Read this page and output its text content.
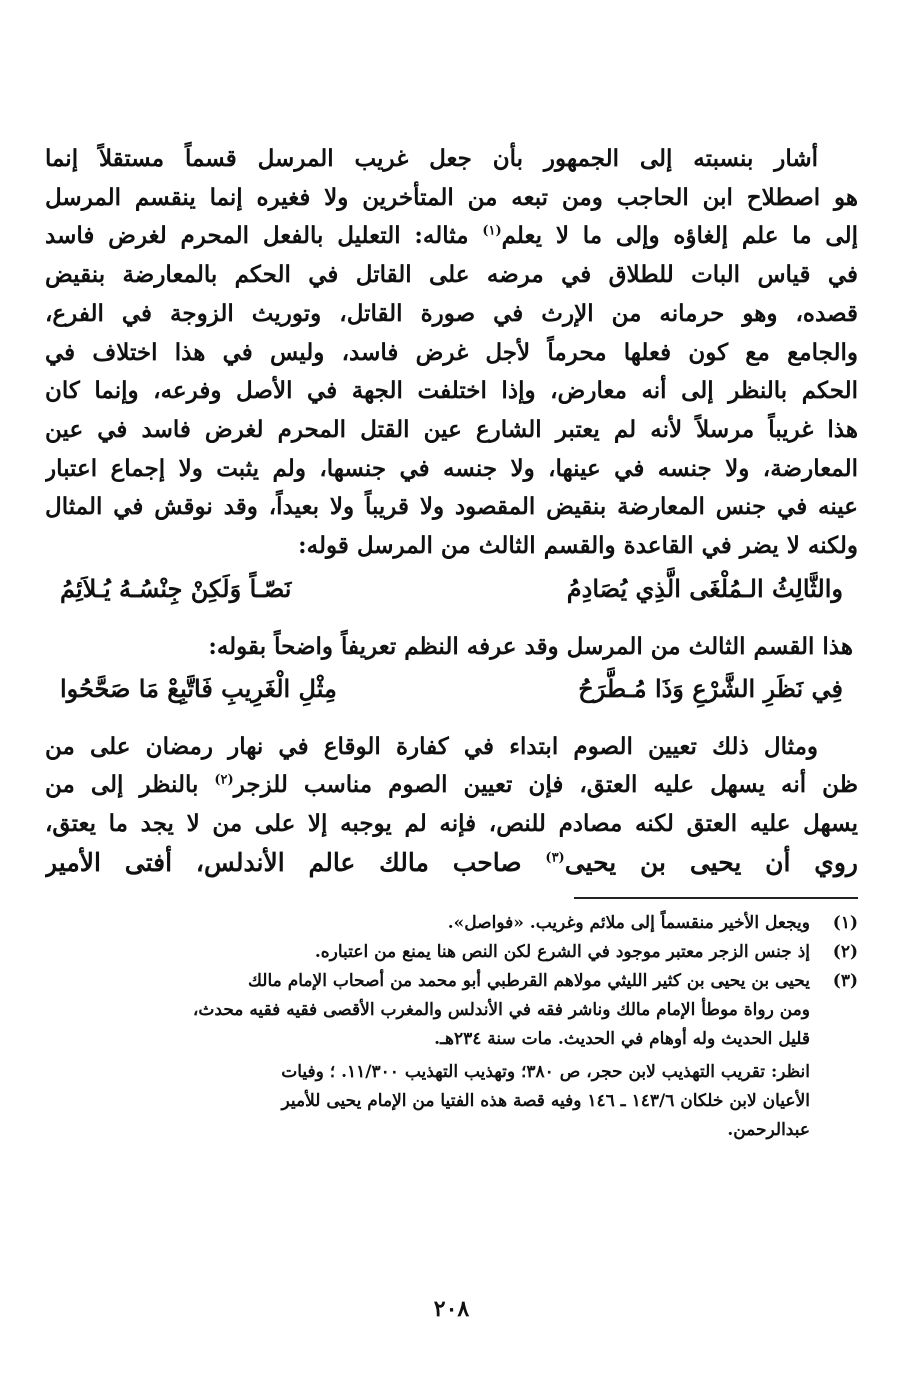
أشار بنسبته إلى الجمهور بأن جعل غريب المرسل قسماً مستقلاً إنما
هو اصطلاح ابن الحاجب ومن تبعه من المتأخرين ولا فغيره إنما ينقسم المرسل
إلى ما علم إلغاؤه وإلى ما لا يعلم$^{(١)}$ مثاله: التعليل بالفعل المحرم لغرض فاسد
في قياس البات للطلاق في مرضه على القاتل في الحكم بالمعارضة بنقيض
قصده، وهو حرمانه من الإرث في صورة القاتل، وتوريث الزوجة في الفرع،
والجامع مع كون فعلها محرماً لأجل غرض فاسد، وليس في هذا اختلاف في
الحكم بالنظر إلى أنه معارض، وإذا اختلفت الجهة في الأصل وفرعه، وإنما كان
هذا غريباً مرسلاً لأنه لم يعتبر الشارع عين القتل المحرم لغرض فاسد في عين
المعارضة، ولا جنسه في عينها، ولا جنسه في جنسها، ولم يثبت ولا إجماع اعتبار
عينه في جنس المعارضة بنقيض المقصود ولا قريباً ولا بعيداً، وقد نوقش في المثال
ولكنه لا يضر في القاعدة والقسم الثالث من المرسل قوله:
والثَّالِثُ الـمُلْغَى الَّذِي يُصَادِمُ
نَصّـاً وَلَكِنْ جِنْسُـهُ يُـلاَئِمُ

هذا القسم الثالث من المرسل وقد عرفه النظم تعريفاً واضحاً بقوله:

فِي نَظَرِ الشَّرْعِ وَذَا مُـطَّرَحُ
مِثْلِ الْغَرِيبِ فَاتَّبِعْ مَا صَحَّحُوا
ومثال ذلك تعيين الصوم ابتداء في كفارة الوقاع في نهار رمضان على من
ظن أنه يسهل عليه العتق، فإن تعيين الصوم مناسب للزجر$^{(٢)}$ بالنظر إلى من
يسهل عليه العتق لكنه مصادم للنص، فإنه لم يوجبه إلا على من لا يجد ما يعتق،
روي أن يحيى بن يحيى$^{(٣)}$ صاحب مالك عالم الأندلس، أفتى الأمير
(١)
ويجعل الأخير منقسماً إلى ملائم وغريب. «فواصل».
(٢)
إذ جنس الزجر معتبر موجود في الشرع لكن النص هنا يمنع من اعتباره.
(٣)
يحيى بن يحيى بن كثير الليثي مولاهم القرطبي أبو محمد من أصحاب الإمام مالك
ومن رواة موطأ الإمام مالك وناشر فقه في الأندلس والمغرب الأقصى فقيه فقيه محدث،
قليل الحديث وله أوهام في الحديث. مات سنة ٢٣٤هـ.
انظر: تقريب التهذيب لابن حجر، ص ٣٨٠؛ وتهذيب التهذيب ١١/٣٠٠. ؛ وفيات
الأعيان لابن خلكان ١٤٣/٦ ـ ١٤٦ وفيه قصة هذه الفتيا من الإمام يحيى للأمير
عبدالرحمن.
٢٠٨
